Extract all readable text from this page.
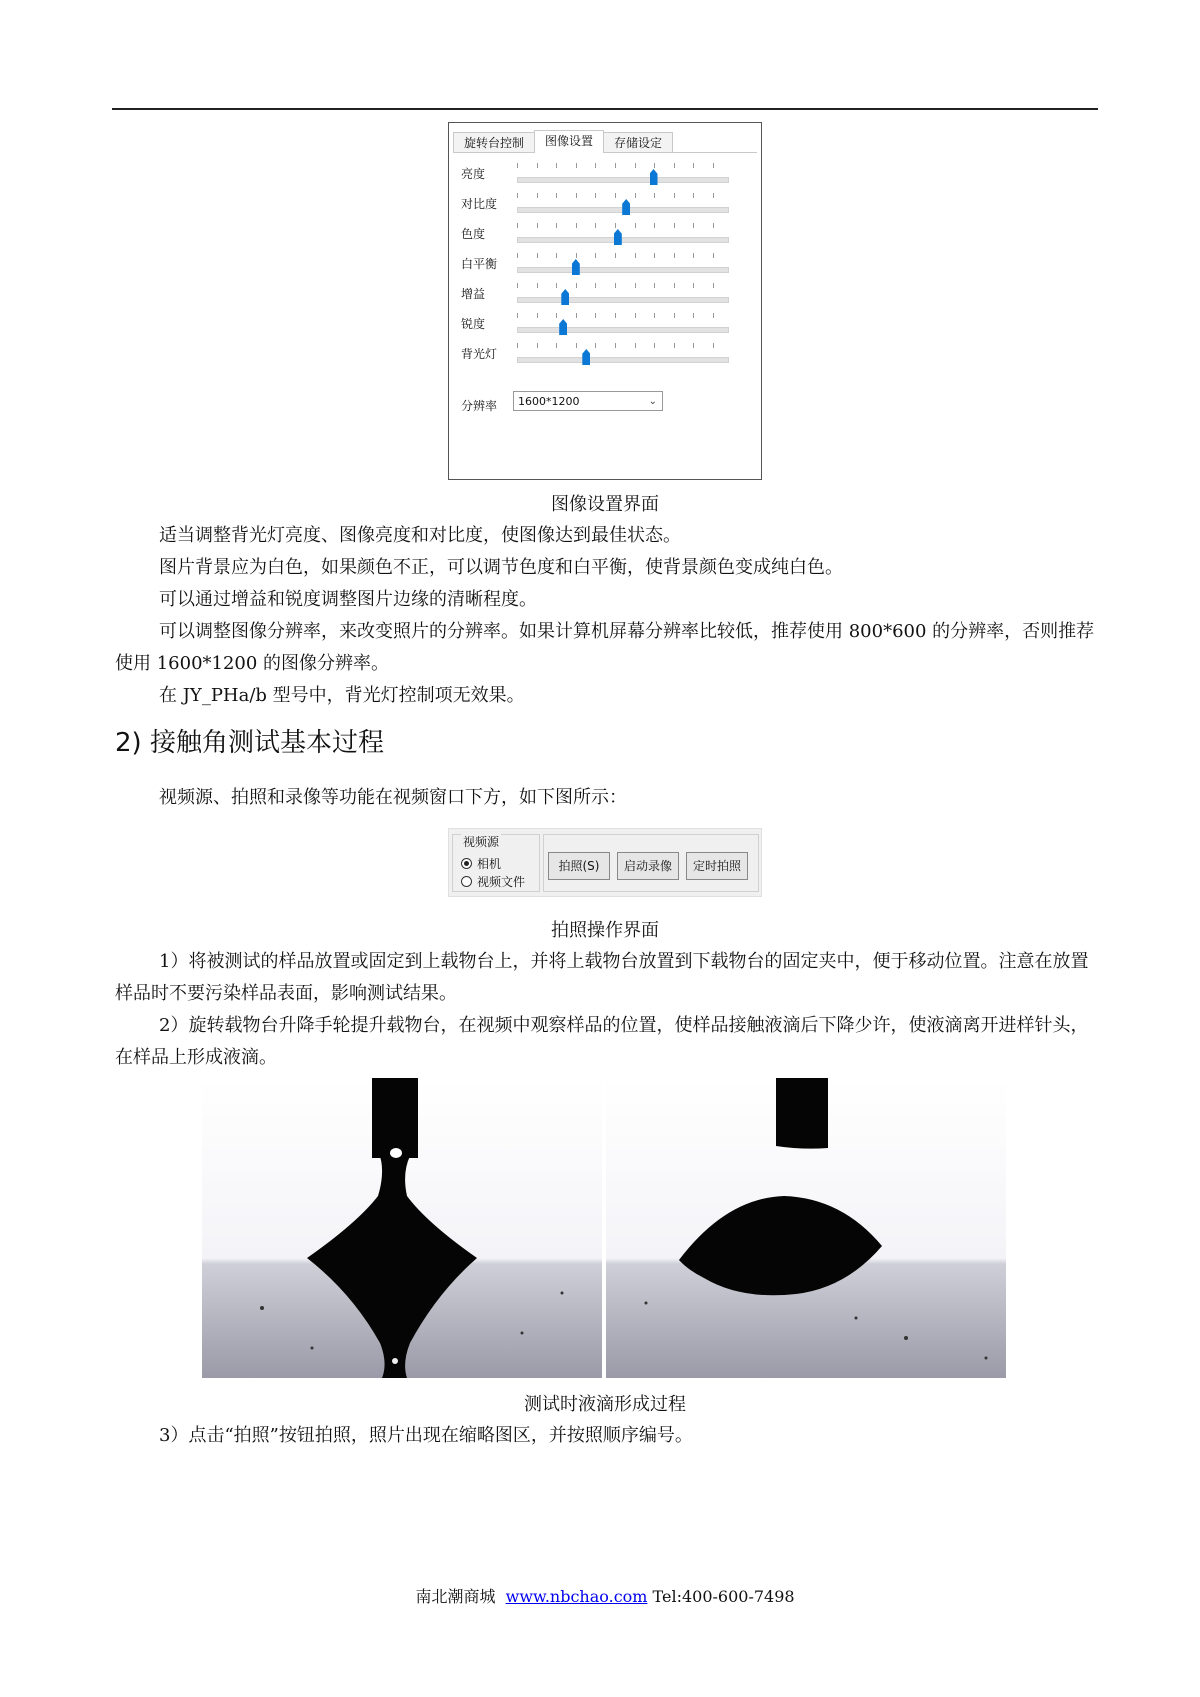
旋转台控制	图像设置	存储设定
亮度
对比度
色度
白平衡
增益
锐度
背光灯
分辨率	1600*1200	⌄
图像设置界面

适当调整背光灯亮度、图像亮度和对比度，使图像达到最佳状态。

图片背景应为白色，如果颜色不正，可以调节色度和白平衡，使背景颜色变成纯白色。

可以通过增益和锐度调整图片边缘的清晰程度。

可以调整图像分辨率，来改变照片的分辨率。如果计算机屏幕分辨率比较低，推荐使用 800*600 的分辨率，否则推荐使用 1600*1200 的图像分辨率。

在 JY_PHa/b 型号中，背光灯控制项无效果。

2) 接触角测试基本过程

视频源、拍照和录像等功能在视频窗口下方，如下图所示：

视频源
相机
视频文件
拍照(S)	启动录像	定时拍照
拍照操作界面

1）将被测试的样品放置或固定到上载物台上，并将上载物台放置到下载物台的固定夹中，便于移动位置。注意在放置样品时不要污染样品表面，影响测试结果。

2）旋转载物台升降手轮提升载物台，在视频中观察样品的位置，使样品接触液滴后下降少许，使液滴离开进样针头，在样品上形成液滴。

测试时液滴形成过程

3）点击“拍照”按钮拍照，照片出现在缩略图区，并按照顺序编号。

南北潮商城 www.nbchao.com Tel:400-600-7498
